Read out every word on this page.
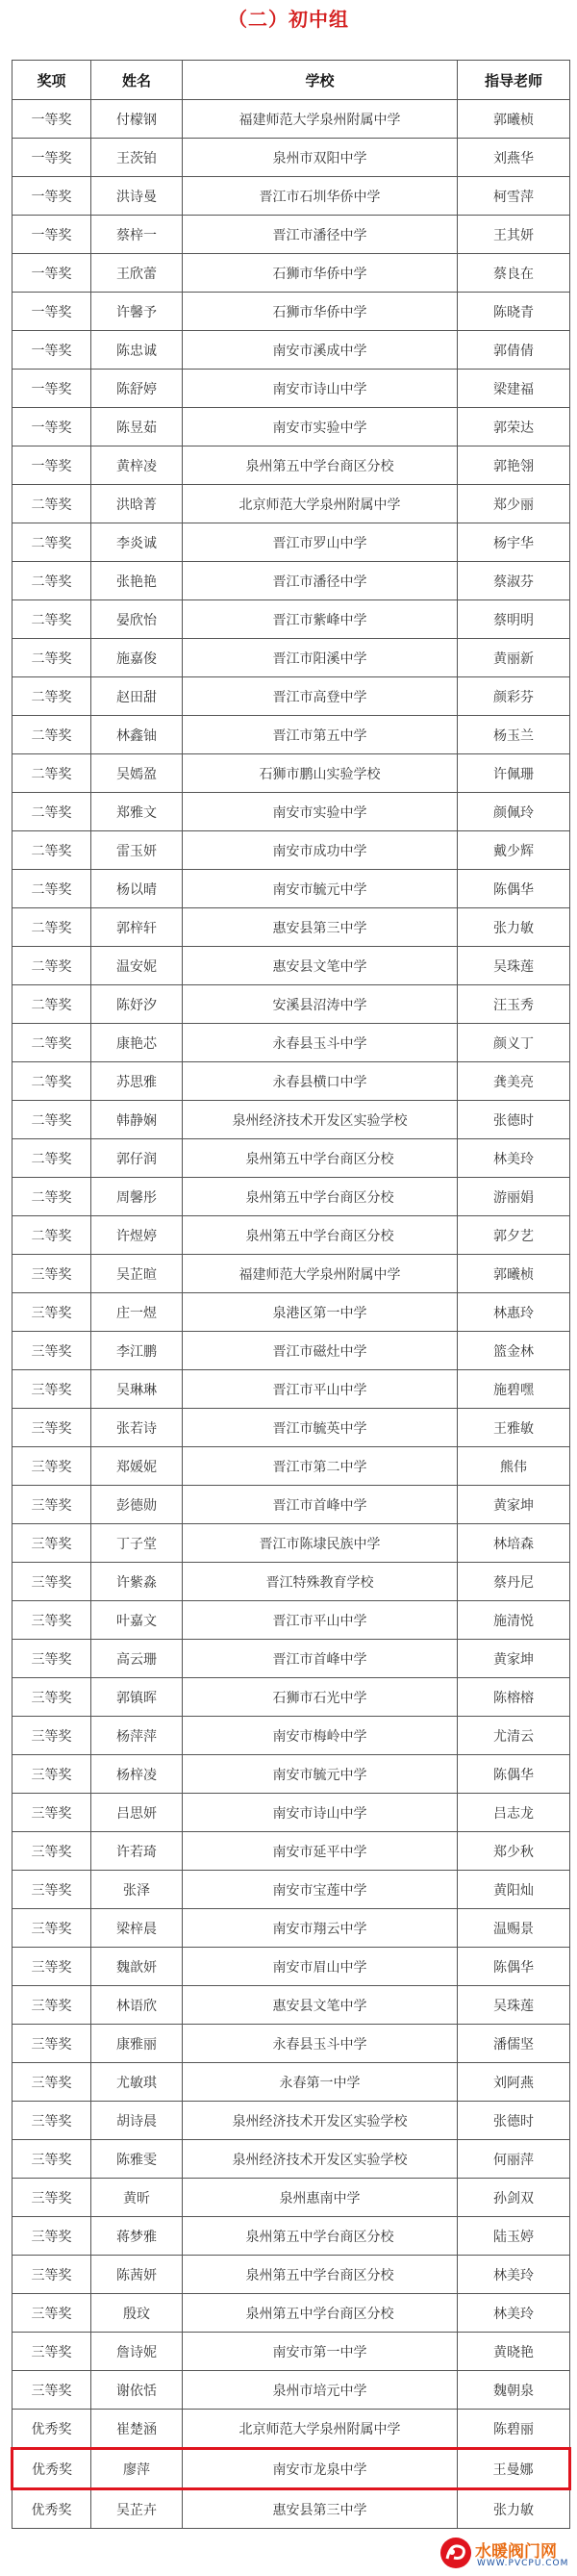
（二）初中组
奖项	姓名	学校	指导老师
一等奖	付檬钢	福建师范大学泉州附属中学	郭曦桢
一等奖	王茨铂	泉州市双阳中学	刘燕华
一等奖	洪诗曼	晋江市石圳华侨中学	柯雪萍
一等奖	蔡梓一	晋江市潘径中学	王其妍
一等奖	王欣蕾	石狮市华侨中学	蔡良在
一等奖	许馨予	石狮市华侨中学	陈晓青
一等奖	陈忠诚	南安市溪成中学	郭倩倩
一等奖	陈舒婷	南安市诗山中学	梁建福
一等奖	陈昱茹	南安市实验中学	郭荣达
一等奖	黄梓凌	泉州第五中学台商区分校	郭艳翎
二等奖	洪晗菁	北京师范大学泉州附属中学	郑少丽
二等奖	李炎诚	晋江市罗山中学	杨宇华
二等奖	张艳艳	晋江市潘径中学	蔡淑芬
二等奖	晏欣怡	晋江市紫峰中学	蔡明明
二等奖	施嘉俊	晋江市阳溪中学	黄丽新
二等奖	赵田甜	晋江市高登中学	颜彩芬
二等奖	林鑫铀	晋江市第五中学	杨玉兰
二等奖	吴嫣盈	石狮市鹏山实验学校	许佩珊
二等奖	郑雅文	南安市实验中学	颜佩玲
二等奖	雷玉妍	南安市成功中学	戴少辉
二等奖	杨以晴	南安市毓元中学	陈偶华
二等奖	郭梓轩	惠安县第三中学	张力敏
二等奖	温安妮	惠安县文笔中学	吴珠莲
二等奖	陈妤汐	安溪县沼涛中学	汪玉秀
二等奖	康艳芯	永春县玉斗中学	颜义丁
二等奖	苏思雅	永春县横口中学	龚美亮
二等奖	韩静娴	泉州经济技术开发区实验学校	张德时
二等奖	郭仔润	泉州第五中学台商区分校	林美玲
二等奖	周馨彤	泉州第五中学台商区分校	游丽娟
二等奖	许煜婷	泉州第五中学台商区分校	郭夕艺
三等奖	吴芷暄	福建师范大学泉州附属中学	郭曦桢
三等奖	庄一煜	泉港区第一中学	林惠玲
三等奖	李江鹏	晋江市磁灶中学	篮金林
三等奖	吴琳琳	晋江市平山中学	施碧嘿
三等奖	张若诗	晋江市毓英中学	王雅敏
三等奖	郑媛妮	晋江市第二中学	熊伟
三等奖	彭德勋	晋江市首峰中学	黄家坤
三等奖	丁子堂	晋江市陈埭民族中学	林培森
三等奖	许紫淼	晋江特殊教育学校	蔡丹尼
三等奖	叶嘉文	晋江市平山中学	施清悦
三等奖	高云珊	晋江市首峰中学	黄家坤
三等奖	郭镇晖	石狮市石光中学	陈榕榕
三等奖	杨萍萍	南安市梅岭中学	尤清云
三等奖	杨梓凌	南安市毓元中学	陈偶华
三等奖	吕思妍	南安市诗山中学	吕志龙
三等奖	许若琦	南安市延平中学	郑少秋
三等奖	张泽	南安市宝莲中学	黄阳灿
三等奖	梁梓晨	南安市翔云中学	温赐景
三等奖	魏歆妍	南安市眉山中学	陈偶华
三等奖	林语欣	惠安县文笔中学	吴珠莲
三等奖	康雅丽	永春县玉斗中学	潘儒坚
三等奖	尤敏琪	永春第一中学	刘阿燕
三等奖	胡诗晨	泉州经济技术开发区实验学校	张德时
三等奖	陈雅雯	泉州经济技术开发区实验学校	何丽萍
三等奖	黄昕	泉州惠南中学	孙剑双
三等奖	蒋梦雅	泉州第五中学台商区分校	陆玉婷
三等奖	陈茜妍	泉州第五中学台商区分校	林美玲
三等奖	殷玟	泉州第五中学台商区分校	林美玲
三等奖	詹诗妮	南安市第一中学	黄晓艳
三等奖	谢依恬	泉州市培元中学	魏朝泉
优秀奖	崔楚涵	北京师范大学泉州附属中学	陈碧丽
优秀奖	廖萍	南安市龙泉中学	王曼娜
优秀奖	吴芷卉	惠安县第三中学	张力敏
水暖阀门网
WWW.PVCPU.COM
